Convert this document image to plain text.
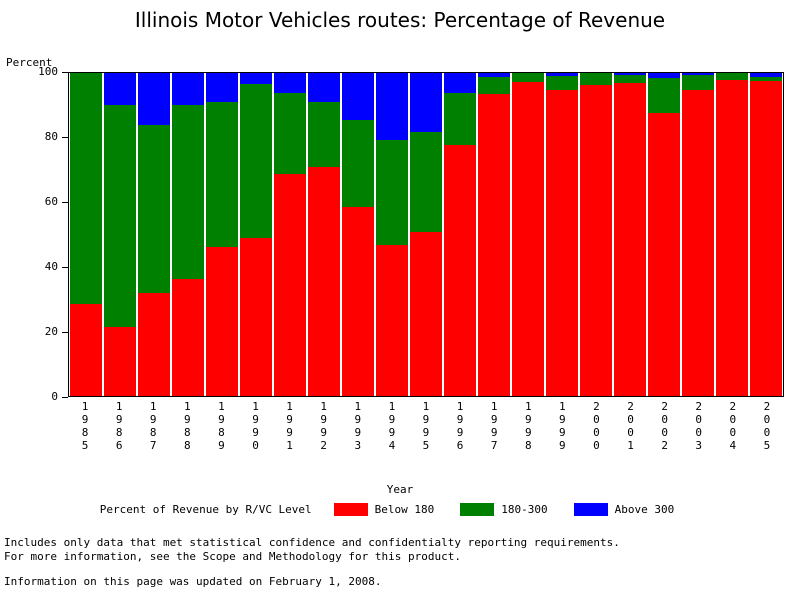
Illinois Motor Vehicles routes: Percentage of Revenue
Percent
0
20
40
60
80
100
1
9
8
5
1
9
8
6
1
9
8
7
1
9
8
8
1
9
8
9
1
9
9
0
1
9
9
1
1
9
9
2
1
9
9
3
1
9
9
4
1
9
9
5
1
9
9
6
1
9
9
7
1
9
9
8
1
9
9
9
2
0
0
0
2
0
0
1
2
0
0
2
2
0
0
3
2
0
0
4
2
0
0
5
Year
Percent of Revenue by R/VC Level	Below 180	180-300	Above 300
Includes only data that met statistical confidence and confidentialty reporting requirements.
For more information, see the Scope and Methodology for this product.
Information on this page was updated on February 1, 2008.
